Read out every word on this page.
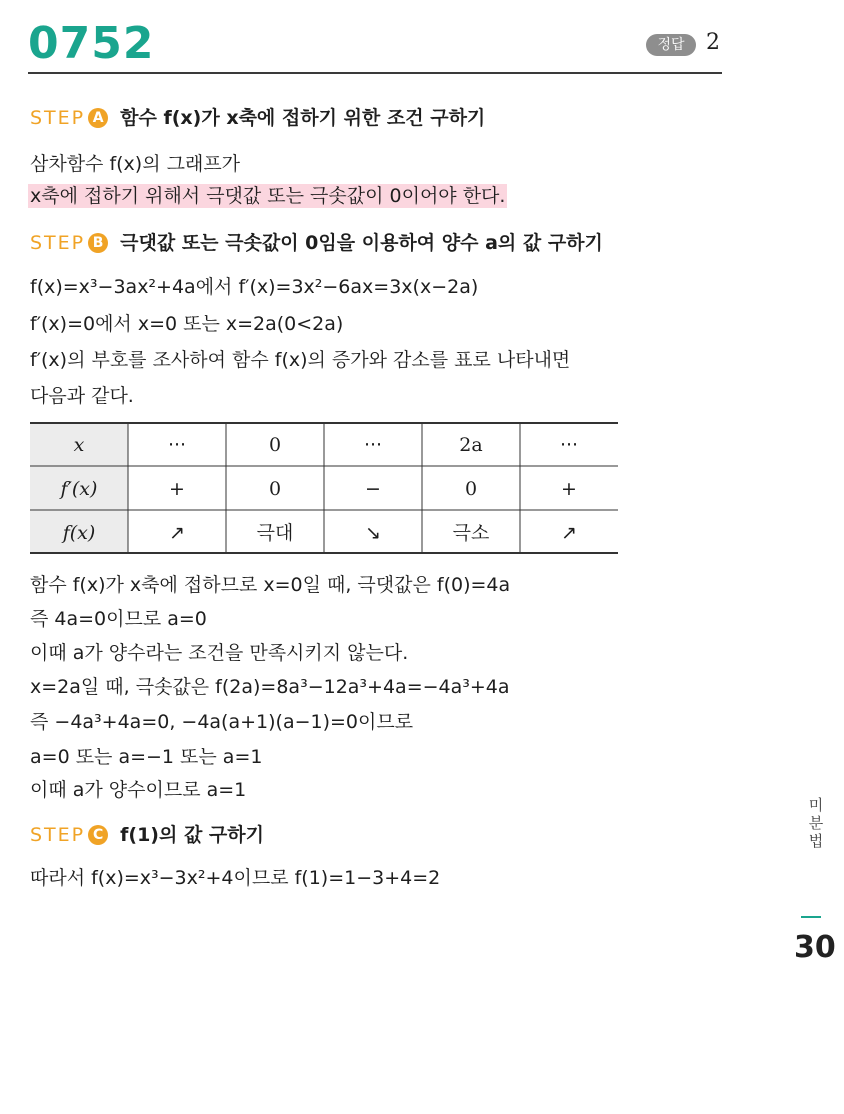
0752	정답 2
STEP A 함수 f(x)가 x축에 접하기 위한 조건 구하기
삼차함수 f(x)의 그래프가
x축에 접하기 위해서 극댓값 또는 극솟값이 0이어야 한다.
STEP B 극댓값 또는 극솟값이 0임을 이용하여 양수 a의 값 구하기
f(x)=x³−3ax²+4a에서 f′(x)=3x²−6ax=3x(x−2a)
f′(x)=0에서 x=0 또는 x=2a(0<2a)
f′(x)의 부호를 조사하여 함수 f(x)의 증가와 감소를 표로 나타내면
다음과 같다.
x	···	0	···	2a	···
f′(x)	+	0	−	0	+
f(x)	↗	극대	↘	극소	↗
함수 f(x)가 x축에 접하므로 x=0일 때, 극댓값은 f(0)=4a
즉 4a=0이므로 a=0
이때 a가 양수라는 조건을 만족시키지 않는다.
x=2a일 때, 극솟값은 f(2a)=8a³−12a³+4a=−4a³+4a
즉 −4a³+4a=0, −4a(a+1)(a−1)=0이므로
a=0 또는 a=−1 또는 a=1
이때 a가 양수이므로 a=1
STEP C f(1)의 값 구하기
따라서 f(x)=x³−3x²+4이므로 f(1)=1−3+4=2
미분법
30
